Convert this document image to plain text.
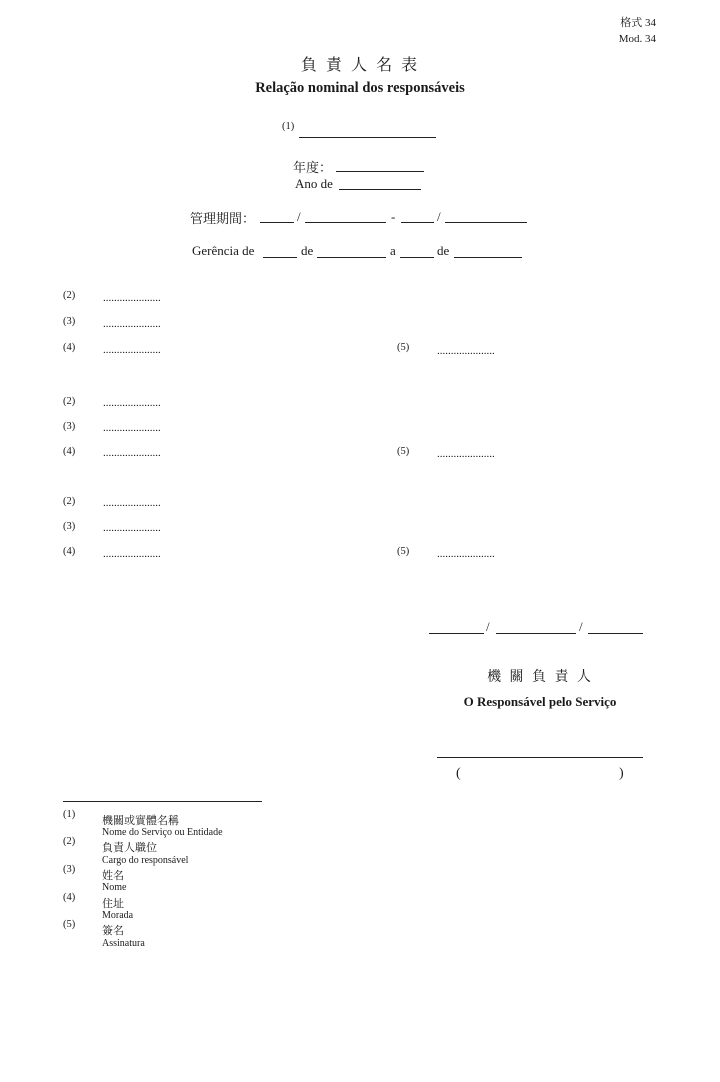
格式 34
Mod. 34
負 責 人 名 表
Relação nominal dos responsáveis
(1)
年度：
Ano de
管理期間：	/	-	/
Gerência de	de	a	de
(2)	.....................
(3)	.....................
(4)	.....................	(5)	.....................
(2)	.....................
(3)	.....................
(4)	.....................	(5)	.....................
(2)	.....................
(3)	.....................
(4)	.....................	(5)	.....................
/	/
機 關 負 責 人
O Responsável pelo Serviço
(	)
(1) 機關或實體名稱
Nome do Serviço ou Entidade
(2) 負責人職位
Cargo do responsável
(3) 姓名
Nome
(4) 住址
Morada
(5) 簽名
Assinatura
